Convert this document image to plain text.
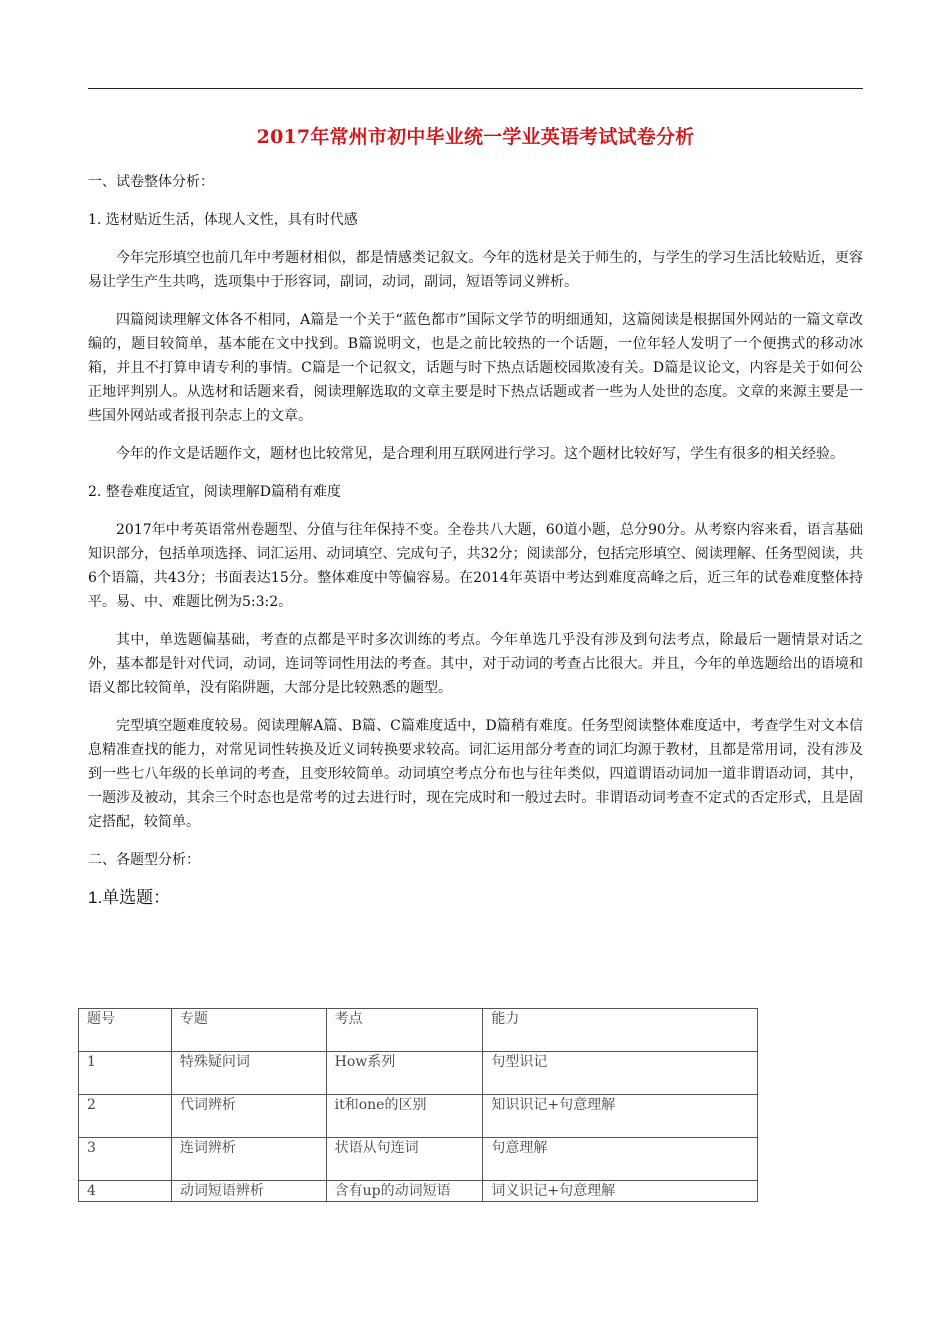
2017年常州市初中毕业统一学业英语考试试卷分析

一、试卷整体分析：

1. 选材贴近生活，体现人文性，具有时代感

今年完形填空也前几年中考题材相似，都是情感类记叙文。今年的选材是关于师生的，与学生的学习生活比较贴近，更容易让学生产生共鸣，选项集中于形容词，副词，动词，副词，短语等词义辨析。

四篇阅读理解文体各不相同，A篇是一个关于“蓝色都市”国际文学节的明细通知，这篇阅读是根据国外网站的一篇文章改编的，题目较简单，基本能在文中找到。B篇说明文，也是之前比较热的一个话题，一位年轻人发明了一个便携式的移动冰箱，并且不打算申请专利的事情。C篇是一个记叙文，话题与时下热点话题校园欺凌有关。D篇是议论文，内容是关于如何公正地评判别人。从选材和话题来看，阅读理解选取的文章主要是时下热点话题或者一些为人处世的态度。文章的来源主要是一些国外网站或者报刊杂志上的文章。

今年的作文是话题作文，题材也比较常见，是合理利用互联网进行学习。这个题材比较好写，学生有很多的相关经验。

2. 整卷难度适宜，阅读理解D篇稍有难度

2017年中考英语常州卷题型、分值与往年保持不变。全卷共八大题，60道小题，总分90分。从考察内容来看，语言基础知识部分，包括单项选择、词汇运用、动词填空、完成句子，共32分；阅读部分，包括完形填空、阅读理解、任务型阅读，共6个语篇，共43分；书面表达15分。整体难度中等偏容易。在2014年英语中考达到难度高峰之后，近三年的试卷难度整体持平。易、中、难题比例为5:3:2。

其中，单选题偏基础，考查的点都是平时多次训练的考点。今年单选几乎没有涉及到句法考点，除最后一题情景对话之外，基本都是针对代词，动词，连词等词性用法的考查。其中，对于动词的考查占比很大。并且，今年的单选题给出的语境和语义都比较简单，没有陷阱题，大部分是比较熟悉的题型。

完型填空题难度较易。阅读理解A篇、B篇、C篇难度适中，D篇稍有难度。任务型阅读整体难度适中，考查学生对文本信息精准查找的能力，对常见词性转换及近义词转换要求较高。词汇运用部分考查的词汇均源于教材，且都是常用词，没有涉及到一些七八年级的长单词的考查，且变形较简单。动词填空考点分布也与往年类似，四道谓语动词加一道非谓语动词，其中，一题涉及被动，其余三个时态也是常考的过去进行时，现在完成时和一般过去时。非谓语动词考查不定式的否定形式，且是固定搭配，较简单。

二、各题型分析：

1.单选题：

题号	专题	考点	能力
1	特殊疑问词	How系列	句型识记
2	代词辨析	it和one的区别	知识识记+句意理解
3	连词辨析	状语从句连词	句意理解
4	动词短语辨析	含有up的动词短语	词义识记+句意理解
